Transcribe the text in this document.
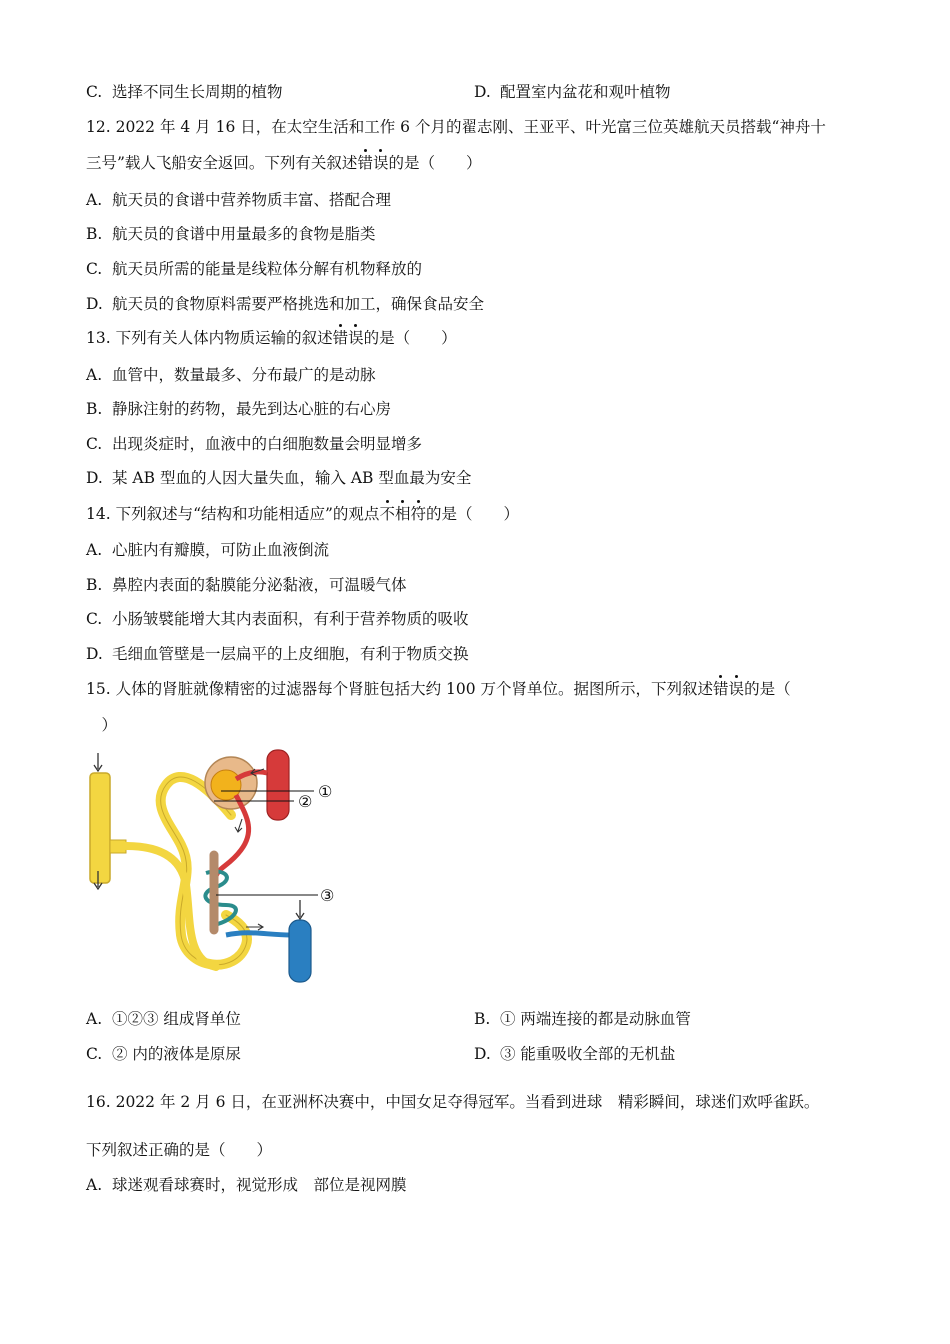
C. 选择不同生长周期的植物	D. 配置室内盆花和观叶植物
12. 2022 年 4 月 16 日，在太空生活和工作 6 个月的翟志刚、王亚平、叶光富三位英雄航天员搭载“神舟十
三号”载人飞船安全返回。下列有关叙述错误的是（　　）
A. 航天员的食谱中营养物质丰富、搭配合理
B. 航天员的食谱中用量最多的食物是脂类
C. 航天员所需的能量是线粒体分解有机物释放的
D. 航天员的食物原料需要严格挑选和加工，确保食品安全
13. 下列有关人体内物质运输的叙述错误的是（　　）
A. 血管中，数量最多、分布最广的是动脉
B. 静脉注射的药物，最先到达心脏的右心房
C. 出现炎症时，血液中的白细胞数量会明显增多
D. 某 AB 型血的人因大量失血，输入 AB 型血最为安全
14. 下列叙述与“结构和功能相适应”的观点不相符的是（　　）
A. 心脏内有瓣膜，可防止血液倒流
B. 鼻腔内表面的黏膜能分泌黏液，可温暖气体
C. 小肠皱襞能增大其内表面积，有利于营养物质的吸收
D. 毛细血管壁是一层扁平的上皮细胞，有利于物质交换
15. 人体的肾脏就像精密的过滤器每个肾脏包括大约 100 万个肾单位。据图所示，下列叙述错误的是（
　）
①
②
③
A. ①②③ 组成肾单位	B. ① 两端连接的都是动脉血管
C. ② 内的液体是原尿	D. ③ 能重吸收全部的无机盐
16. 2022 年 2 月 6 日，在亚洲杯决赛中，中国女足夺得冠军。当看到进球　精彩瞬间，球迷们欢呼雀跃。
下列叙述正确的是（　　）
A. 球迷观看球赛时，视觉形成　部位是视网膜
